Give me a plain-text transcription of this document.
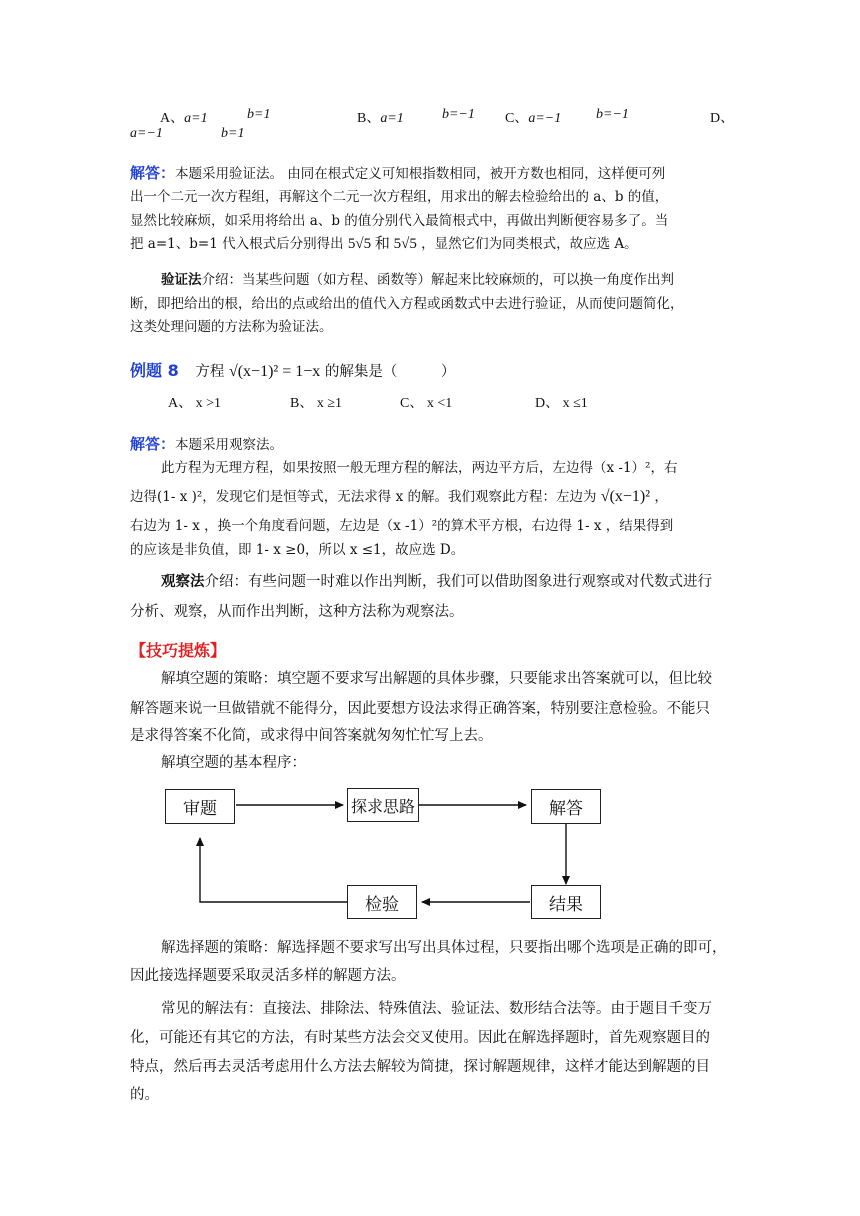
A、a=1	b=1	B、a=1	b=−1 C、a=−1 b=−1	D、
a=−1	b=1
解答：本题采用验证法。 由同在根式定义可知根指数相同，被开方数也相同，这样便可列
出一个二元一次方程组，再解这个二元一次方程组，用求出的解去检验给出的 a、b 的值，
显然比较麻烦，如采用将给出 a、b 的值分别代入最简根式中，再做出判断便容易多了。当
把 a=1、b=1 代入根式后分别得出 5√5 和 5√5 ，显然它们为同类根式，故应选 A。
验证法介绍：当某些问题（如方程、函数等）解起来比较麻烦的，可以换一角度作出判
断，即把给出的根，给出的点或给出的值代入方程或函数式中去进行验证，从而使问题简化，
这类处理问题的方法称为验证法。
例题 8 方程 √(x−1)² = 1−x 的解集是（　　　）
A、 x >1	B、 x ≥1	C、 x <1	D、 x ≤1
解答：本题采用观察法。
此方程为无理方程，如果按照一般无理方程的解法，两边平方后，左边得（x -1）²，右
边得(1- x )²，发现它们是恒等式，无法求得 x 的解。我们观察此方程：左边为 √(x−1)² ，
右边为 1- x ，换一个角度看问题，左边是（x -1）²的算术平方根，右边得 1- x ，结果得到
的应该是非负值，即 1- x ≥0，所以 x ≤1，故应选 D。
观察法介绍：有些问题一时难以作出判断，我们可以借助图象进行观察或对代数式进行
分析、观察，从而作出判断，这种方法称为观察法。
【技巧提炼】
解填空题的策略：填空题不要求写出解题的具体步骤，只要能求出答案就可以，但比较
解答题来说一旦做错就不能得分，因此要想方设法求得正确答案，特别要注意检验。不能只
是求得答案不化简，或求得中间答案就匆匆忙忙写上去。
解填空题的基本程序：
审题	探求思路	解答
结果
检验
解选择题的策略：解选择题不要求写出写出具体过程，只要指出哪个选项是正确的即可，
因此接选择题要采取灵活多样的解题方法。
常见的解法有：直接法、排除法、特殊值法、验证法、数形结合法等。由于题目千变万
化，可能还有其它的方法，有时某些方法会交叉使用。因此在解选择题时，首先观察题目的
特点，然后再去灵活考虑用什么方法去解较为简捷，探讨解题规律，这样才能达到解题的目
的。
